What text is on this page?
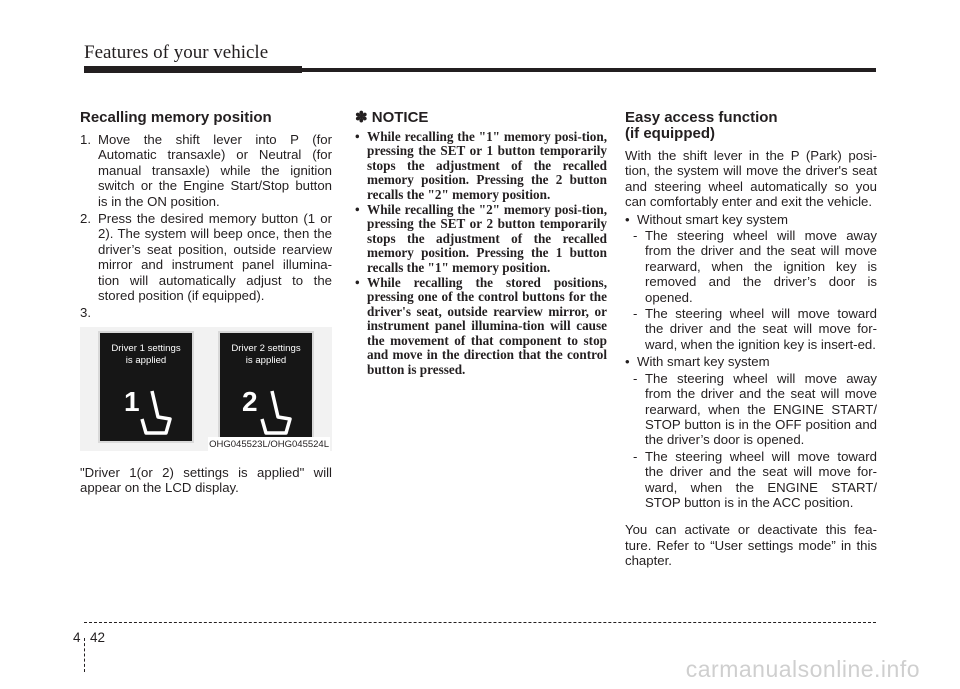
Features of your vehicle
Recalling memory position
1. Move the shift lever into P (for Automatic transaxle) or Neutral (for manual transaxle) while the ignition switch or the Engine Start/Stop button is in the ON position.
2. Press the desired memory button (1 or 2). The system will beep once, then the driver’s seat position, outside rearview mirror and instrument panel illumina-tion will automatically adjust to the stored position (if equipped).
3.
Driver 1 settings
is applied
1
Driver 2 settings
is applied
2
OHG045523L/OHG045524L
"Driver 1(or 2) settings is applied" will appear on the LCD display.
✽ NOTICE
• While recalling the "1" memory posi-tion, pressing the SET or 1 button temporarily stops the adjustment of the recalled memory position. Pressing the 2 button recalls the "2" memory position.
• While recalling the "2" memory posi-tion, pressing the SET or 2 button temporarily stops the adjustment of the recalled memory position. Pressing the 1 button recalls the "1" memory position.
• While recalling the stored positions, pressing one of the control buttons for the driver's seat, outside rearview mirror, or instrument panel illumina-tion will cause the movement of that component to stop and move in the direction that the control button is pressed.
Easy access function
(if equipped)
With the shift lever in the P (Park) posi-tion, the system will move the driver's seat and steering wheel automatically so you can comfortably enter and exit the vehicle.
• Without smart key system
- The steering wheel will move away from the driver and the seat will move rearward, when the ignition key is removed and the driver’s door is opened.
- The steering wheel will move toward the driver and the seat will move for-ward, when the ignition key is insert-ed.
• With smart key system
- The steering wheel will move away from the driver and the seat will move rearward, when the ENGINE START/ STOP button is in the OFF position and the driver’s door is opened.
- The steering wheel will move toward the driver and the seat will move for-ward, when the ENGINE START/ STOP button is in the ACC position.
You can activate or deactivate this fea-ture. Refer to “User settings mode” in this chapter.
4 42
carmanualsonline.info
